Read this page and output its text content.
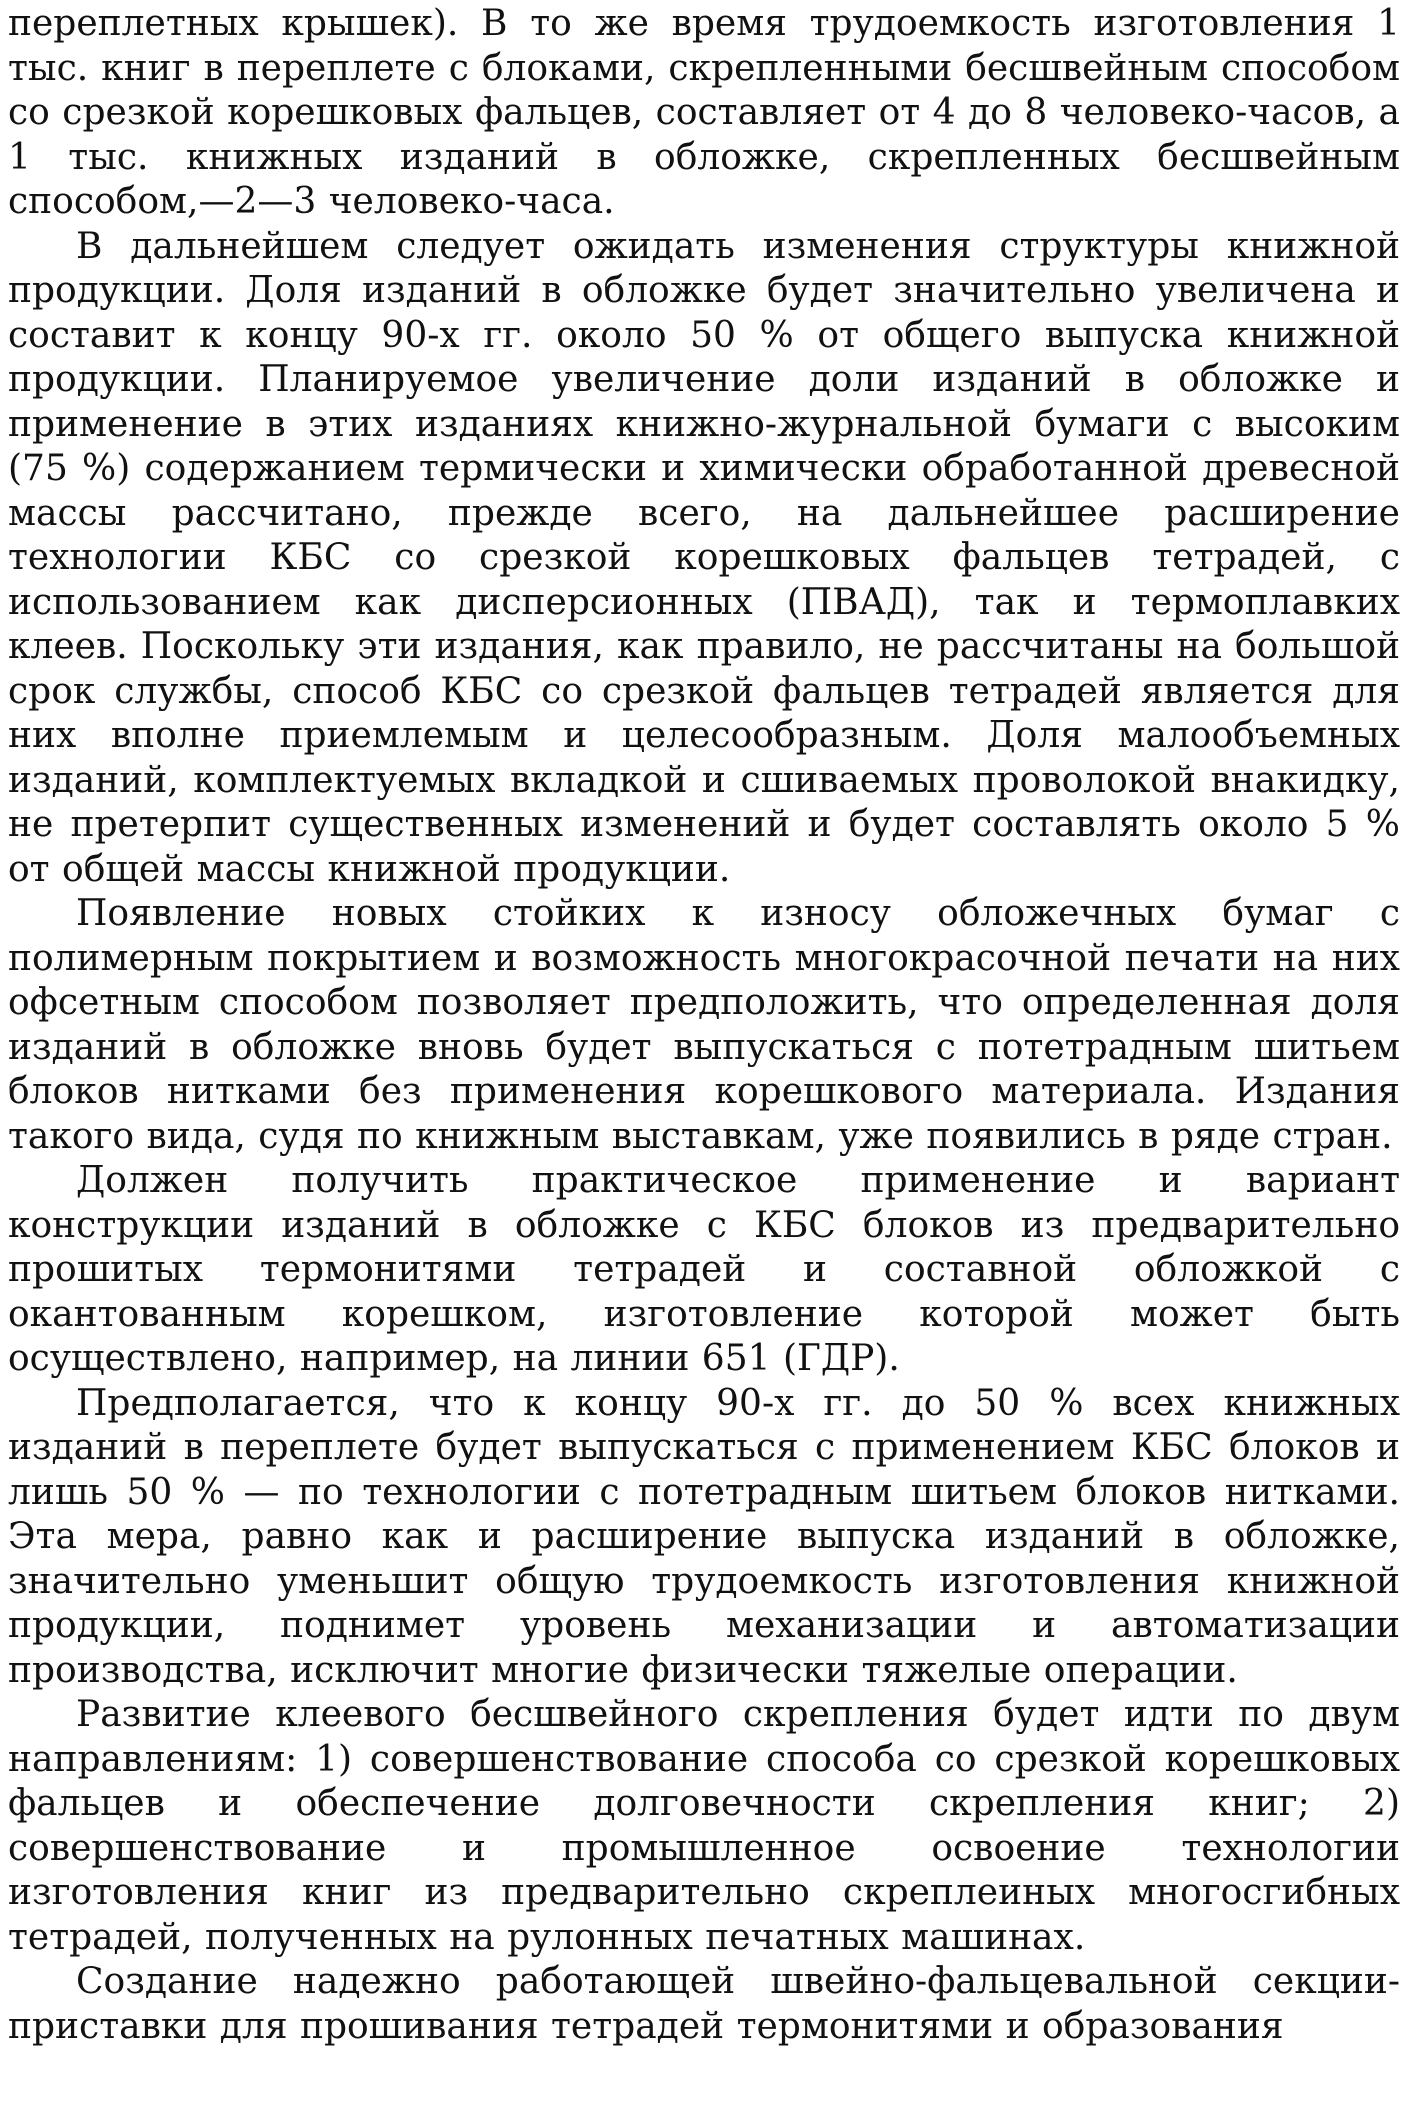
переплетных крышек). В то же время трудоемкость изготовления 1 тыс. книг в переплете с блоками, скрепленными бесшвейным способом со срезкой корешковых фальцев, составляет от 4 до 8 человеко-часов, а 1 тыс. книжных изданий в обложке, скрепленных бесшвейным способом,—2—3 человеко-часа.

В дальнейшем следует ожидать изменения структуры книжной продукции. Доля изданий в обложке будет значительно увеличена и составит к концу 90-х гг. около 50 % от общего выпуска книжной продукции. Планируемое увеличение доли изданий в обложке и применение в этих изданиях книжно-журнальной бумаги с высоким (75 %) содержанием термически и химически обработанной древесной массы рассчитано, прежде всего, на дальнейшее расширение технологии КБС со срезкой корешковых фальцев тетрадей, с использованием как дисперсионных (ПВАД), так и термоплавких клеев. Поскольку эти издания, как правило, не рассчитаны на большой срок службы, способ КБС со срезкой фальцев тетрадей является для них вполне приемлемым и целесообразным. Доля малообъемных изданий, комплектуемых вкладкой и сшиваемых проволокой внакидку, не претерпит существенных изменений и будет составлять около 5 % от общей массы книжной продукции.

Появление новых стойких к износу обложечных бумаг с полимерным покрытием и возможность многокрасочной печати на них офсетным способом позволяет предположить, что определенная доля изданий в обложке вновь будет выпускаться с потетрадным шитьем блоков нитками без применения корешкового материала. Издания такого вида, судя по книжным выставкам, уже появились в ряде стран.

Должен получить практическое применение и вариант конструкции изданий в обложке с КБС блоков из предварительно прошитых термонитями тетрадей и составной обложкой с окантованным корешком, изготовление которой может быть осуществлено, например, на линии 651 (ГДР).

Предполагается, что к концу 90-х гг. до 50 % всех книжных изданий в переплете будет выпускаться с применением КБС блоков и лишь 50 % — по технологии с потетрадным шитьем блоков нитками. Эта мера, равно как и расширение выпуска изданий в обложке, значительно уменьшит общую трудоемкость изготовления книжной продукции, поднимет уровень механизации и автоматизации производства, исключит многие физически тяжелые операции.

Развитие клеевого бесшвейного скрепления будет идти по двум направлениям: 1) совершенствование способа со срезкой корешковых фальцев и обеспечение долговечности скрепления книг; 2) совершенствование и промышленное освоение технологии изготовления книг из предварительно скреплеиных многосгибных тетрадей, полученных на рулонных печатных машинах.

Создание надежно работающей швейно-фальцевальной секции-приставки для прошивания тетрадей термонитями и образования
